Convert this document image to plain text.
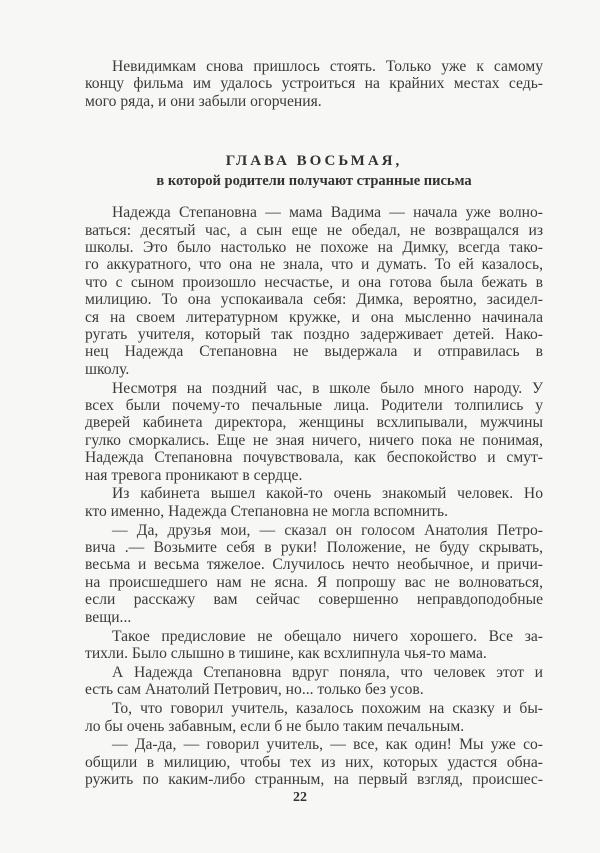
Невидимкам снова пришлось стоять. Только уже к самому
концу фильма им удалось устроиться на крайних местах седь-
мого ряда, и они забыли огорчения.
ГЛАВА ВОСЬМАЯ,
в которой родители получают странные письма
Надежда Степановна — мама Вадима — начала уже волно-
ваться: десятый час, а сын еще не обедал, не возвращался из
школы. Это было настолько не похоже на Димку, всегда тако-
го аккуратного, что она не знала, что и думать. То ей казалось,
что с сыном произошло несчастье, и она готова была бежать в
милицию. То она успокаивала себя: Димка, вероятно, засидел-
ся на своем литературном кружке, и она мысленно начинала
ругать учителя, который так поздно задерживает детей. Нако-
нец Надежда Степановна не выдержала и отправилась в
школу.
Несмотря на поздний час, в школе было много народу. У
всех были почему-то печальные лица. Родители толпились у
дверей кабинета директора, женщины всхлипывали, мужчины
гулко сморкались. Еще не зная ничего, ничего пока не понимая,
Надежда Степановна почувствовала, как беспокойство и смут-
ная тревога проникают в сердце.
Из кабинета вышел какой-то очень знакомый человек. Но
кто именно, Надежда Степановна не могла вспомнить.
— Да, друзья мои, — сказал он голосом Анатолия Петро-
вича .— Возьмите себя в руки! Положение, не буду скрывать,
весьма и весьма тяжелое. Случилось нечто необычное, и причи-
на происшедшего нам не ясна. Я попрошу вас не волноваться,
если расскажу вам сейчас совершенно неправдоподобные
вещи...
Такое предисловие не обещало ничего хорошего. Все за-
тихли. Было слышно в тишине, как всхлипнула чья-то мама.
А Надежда Степановна вдруг поняла, что человек этот и
есть сам Анатолий Петрович, но... только без усов.
То, что говорил учитель, казалось похожим на сказку и бы-
ло бы очень забавным, если б не было таким печальным.
— Да-да, — говорил учитель, — все, как один! Мы уже со-
общили в милицию, чтобы тех из них, которых удастся обна-
ружить по каким-либо странным, на первый взгляд, происшес-
22
